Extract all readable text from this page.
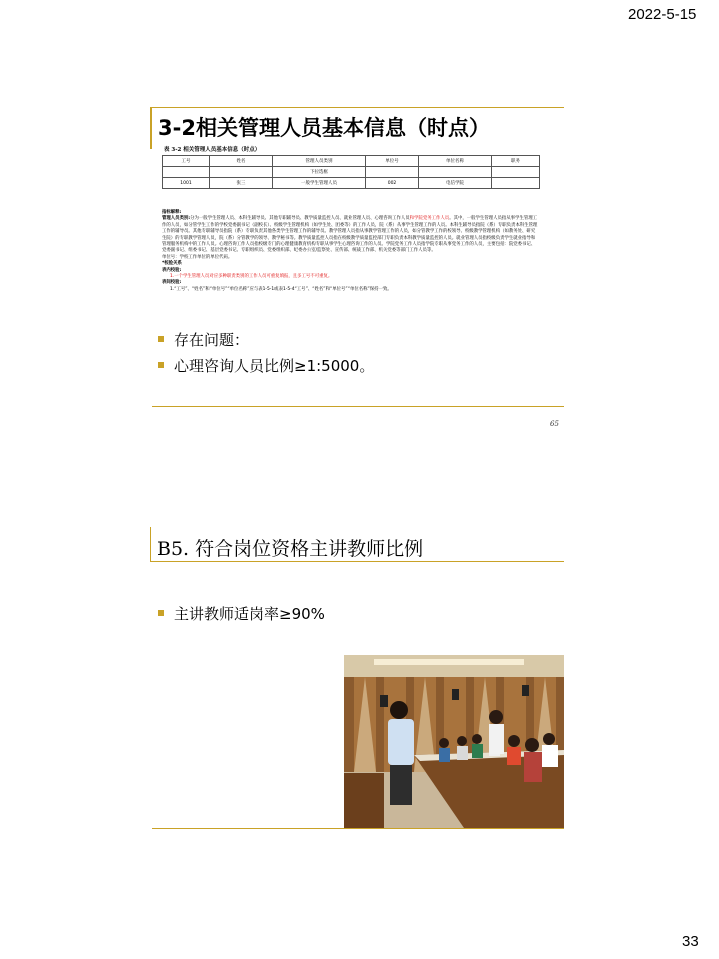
2022-5-15
3-2相关管理人员基本信息（时点）
表 3-2 相关管理人员基本信息（时点）
工号	姓名	管理人员类别	单位号	单位名称	职务
		下拉选框			
1001	张三	一般学生管理人员	002	电信学院	

指标解释:

管理人员类别:分为一般学生管理人员、本科生辅导员、其他专职辅导员、教学质量监控人员、就业管理人员、心理咨询工作人员和学院党务工作人员。其中，一般学生管理人员指从事学生管理工作的人员，如分管学生工作的学校党委副书记（副校长）、校级学生管理机构（如学生处、团委等）的工作人员，院（系）从事学生管理工作的人员。本科生辅导员指院（系）专职负责本科生管理工作的辅导员。其他专职辅导员指院（系）专职负责其他各类学生管理工作的辅导员。教学管理人员指从事教学管理工作的人员，如分管教学工作的校领导、校级教学管理机构（如教务处、研究生院）的专职教学管理人员，院（系）分管教学的领导、教学秘书等。教学质量监控人员指在校级教学质量监控部门专职负责本科教学质量监控的人员。就业管理人员指校级负责学生就业指导和管理服务机构中的工作人员。心理咨询工作人员指校级专门的心理健康教育机构专职从事学生心理咨询工作的人员。学院党务工作人员指学院专职从事党务工作的人员，主要包括：院党委书记、党委副书记、组委书记、基层党委书记、专职组织员、党委组织部、纪委办公室/监察处、宣传部、统战工作部、机关党委等部门工作人员等。

单位号：学校工作单位的单位代码。

*校验关系

表内校验:

1.一个学生管理人员对应多种职责类别的工作人员可重复填报，且多工号不可重复。

表间校验:

1.“工号”、“姓名”和“单位号”“单位名称”应与表1-5-1或表1-5-4“工号”、“姓名”和“单位号”“单位名称”保持一致。

存在问题：
心理咨询人员比例≥1:5000。
65
B5. 符合岗位资格主讲教师比例
主讲教师适岗率≥90%
33
